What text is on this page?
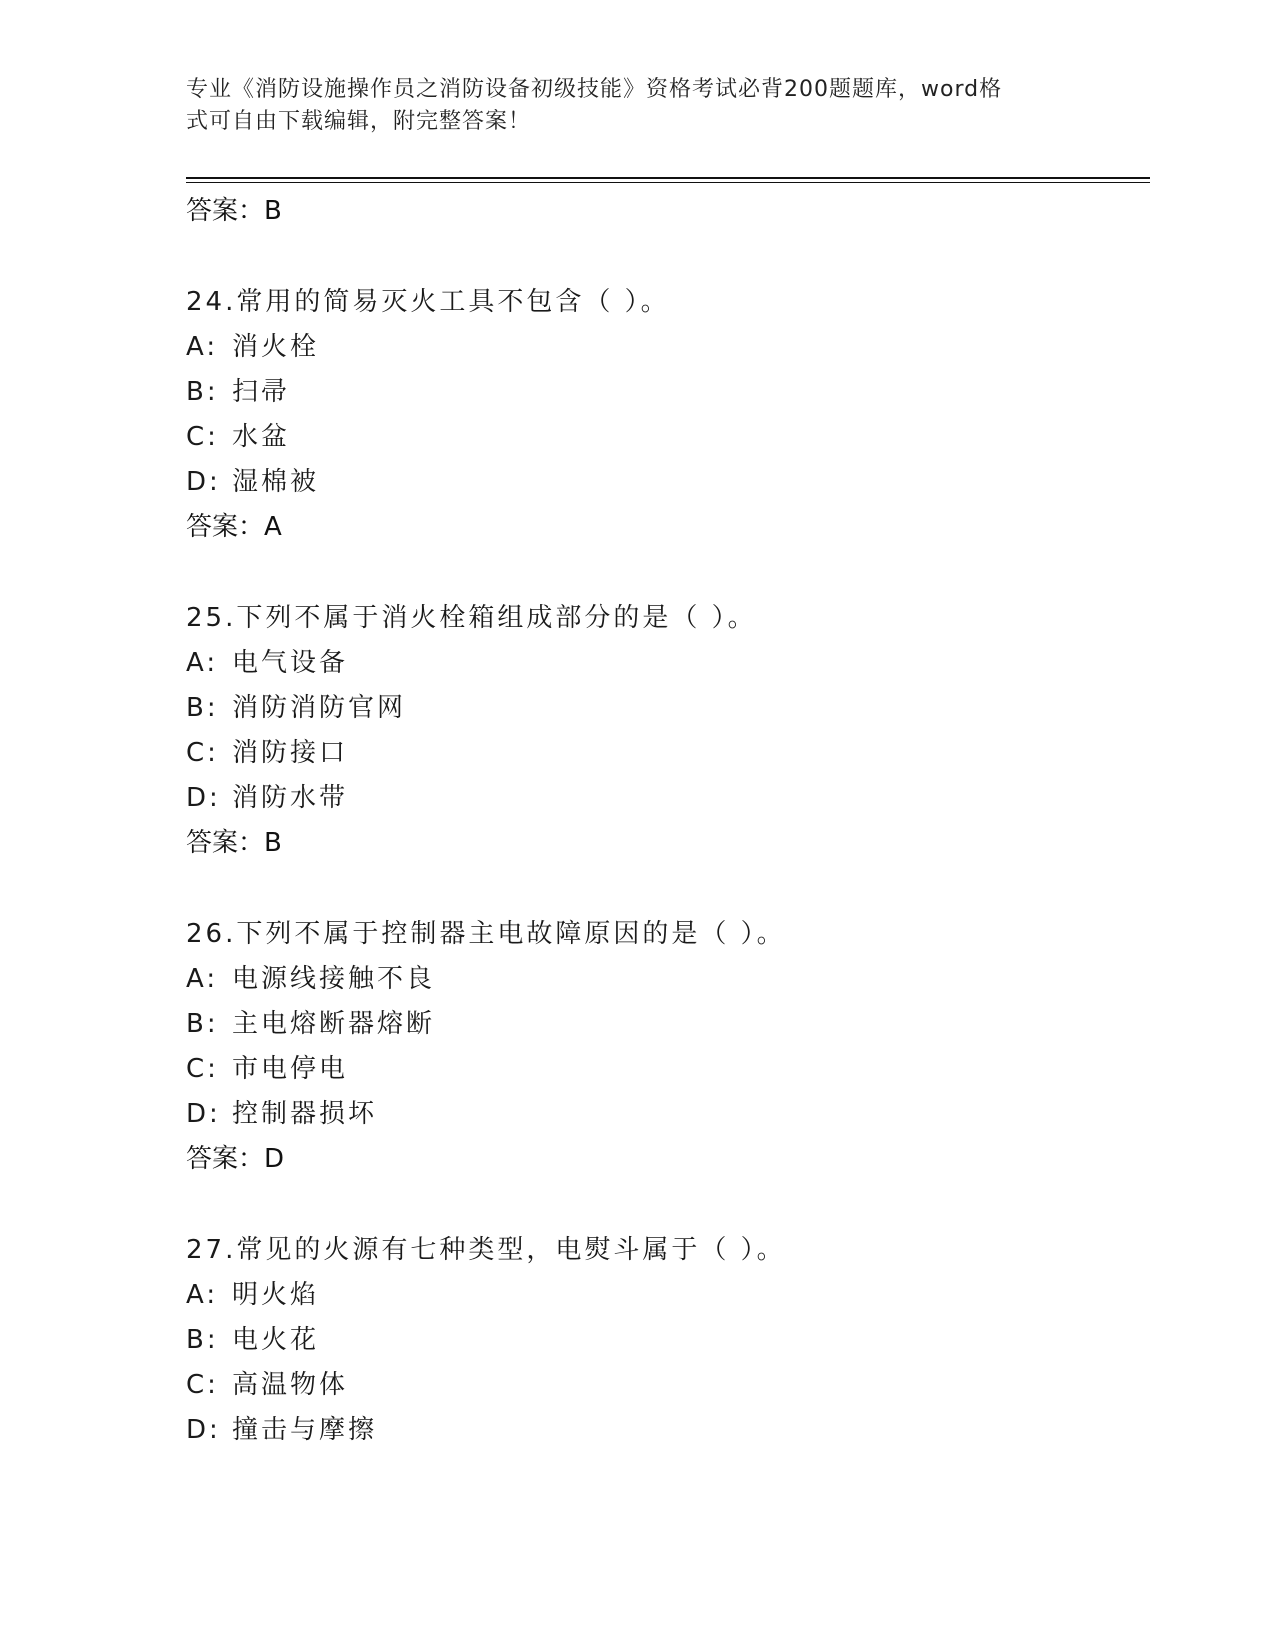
专业《消防设施操作员之消防设备初级技能》资格考试必背200题题库，word格
式可自由下载编辑，附完整答案！
答案：B
24.常用的简易灭火工具不包含（ ）。
A: 消火栓
B: 扫帚
C: 水盆
D: 湿棉被
答案：A
25.下列不属于消火栓箱组成部分的是（ ）。
A: 电气设备
B: 消防消防官网
C: 消防接口
D: 消防水带
答案：B
26.下列不属于控制器主电故障原因的是（ ）。
A: 电源线接触不良
B: 主电熔断器熔断
C: 市电停电
D: 控制器损坏
答案：D
27.常见的火源有七种类型，电熨斗属于（ ）。
A: 明火焰
B: 电火花
C: 高温物体
D: 撞击与摩擦
